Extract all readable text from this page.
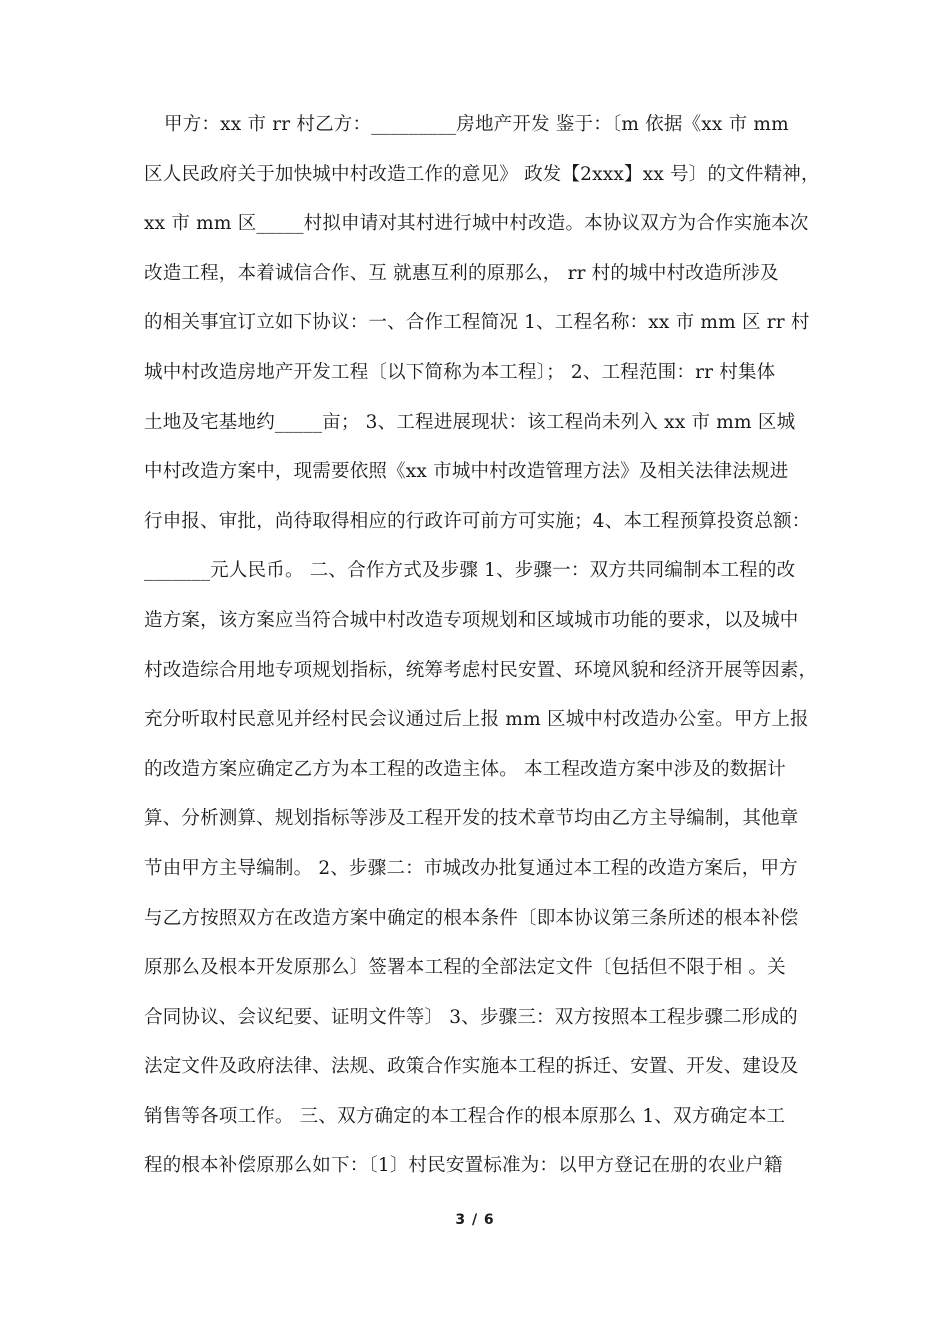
甲方：xx 市 rr 村乙方：_________房地产开发 鉴于：〔m 依据《xx 市 mm
区人民政府关于加快城中村改造工作的意见》 政发【2xxx】xx 号〕的文件精神，
xx 市 mm 区_____村拟申请对其村进行城中村改造。本协议双方为合作实施本次
改造工程，本着诚信合作、互 就惠互利的原那么， rr 村的城中村改造所涉及
的相关事宜订立如下协议：一、合作工程简况 1、工程名称：xx 市 mm 区 rr 村
城中村改造房地产开发工程〔以下简称为本工程〕； 2、工程范围：rr 村集体
土地及宅基地约_____亩； 3、工程进展现状：该工程尚未列入 xx 市 mm 区城
中村改造方案中，现需要依照《xx 市城中村改造管理方法》及相关法律法规进
行申报、审批，尚待取得相应的行政许可前方可实施；4、本工程预算投资总额：
_______元人民币。 二、合作方式及步骤 1、步骤一：双方共同编制本工程的改
造方案，该方案应当符合城中村改造专项规划和区域城市功能的要求，以及城中
村改造综合用地专项规划指标，统筹考虑村民安置、环境风貌和经济开展等因素，
充分听取村民意见并经村民会议通过后上报 mm 区城中村改造办公室。甲方上报
的改造方案应确定乙方为本工程的改造主体。 本工程改造方案中涉及的数据计
算、分析测算、规划指标等涉及工程开发的技术章节均由乙方主导编制，其他章
节由甲方主导编制。 2、步骤二：市城改办批复通过本工程的改造方案后，甲方
与乙方按照双方在改造方案中确定的根本条件〔即本协议第三条所述的根本补偿
原那么及根本开发原那么〕签署本工程的全部法定文件〔包括但不限于相 。关
合同协议、会议纪要、证明文件等〕 3、步骤三：双方按照本工程步骤二形成的
法定文件及政府法律、法规、政策合作实施本工程的拆迁、安置、开发、建设及
销售等各项工作。 三、双方确定的本工程合作的根本原那么 1、双方确定本工
程的根本补偿原那么如下：〔1〕村民安置标准为：以甲方登记在册的农业户籍
3 / 6
